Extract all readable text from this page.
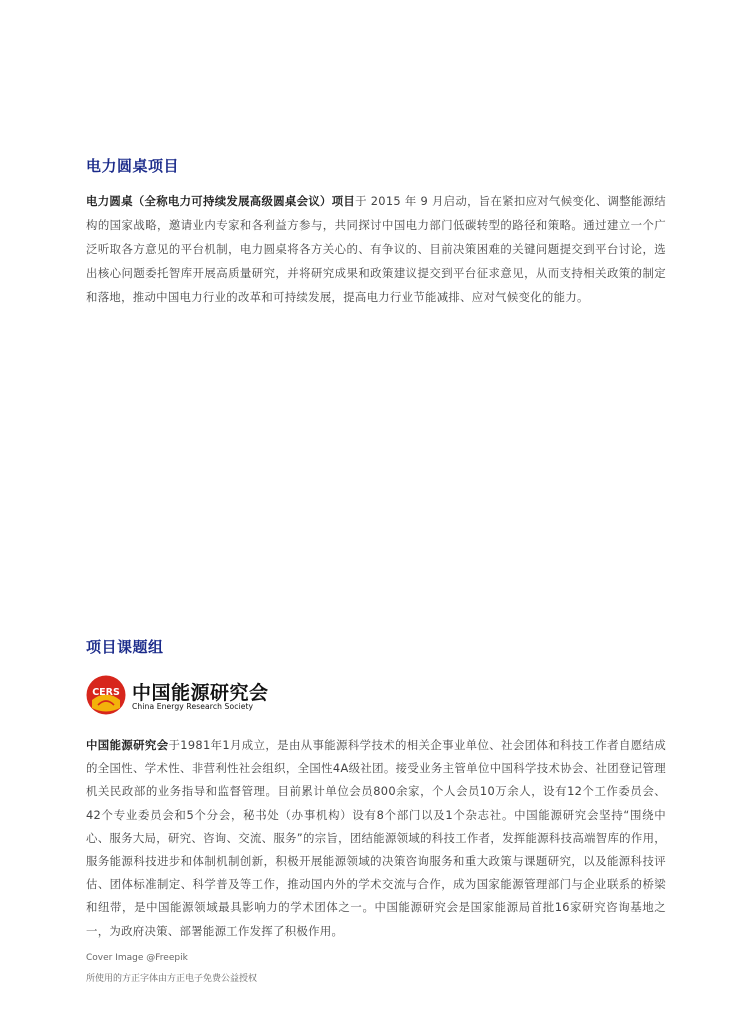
电力圆桌项目

电力圆桌（全称电力可持续发展高级圆桌会议）项目于 2015 年 9 月启动，旨在紧扣应对气候变化、调整能源结构的国家战略，邀请业内专家和各利益方参与，共同探讨中国电力部门低碳转型的路径和策略。通过建立一个广泛听取各方意见的平台机制，电力圆桌将各方关心的、有争议的、目前决策困难的关键问题提交到平台讨论，选出核心问题委托智库开展高质量研究，并将研究成果和政策建议提交到平台征求意见，从而支持相关政策的制定和落地，推动中国电力行业的改革和可持续发展，提高电力行业节能减排、应对气候变化的能力。

项目课题组
CERS 中国能源研究会
China Energy Research Society

中国能源研究会于1981年1月成立，是由从事能源科学技术的相关企事业单位、社会团体和科技工作者自愿结成的全国性、学术性、非营利性社会组织，全国性4A级社团。接受业务主管单位中国科学技术协会、社团登记管理机关民政部的业务指导和监督管理。目前累计单位会员800余家，个人会员10万余人，设有12个工作委员会、42个专业委员会和5个分会，秘书处（办事机构）设有8个部门以及1个杂志社。中国能源研究会坚持“围绕中心、服务大局，研究、咨询、交流、服务”的宗旨，团结能源领域的科技工作者，发挥能源科技高端智库的作用，服务能源科技进步和体制机制创新，积极开展能源领域的决策咨询服务和重大政策与课题研究，以及能源科技评估、团体标准制定、科学普及等工作，推动国内外的学术交流与合作，成为国家能源管理部门与企业联系的桥梁和纽带，是中国能源领域最具影响力的学术团体之一。中国能源研究会是国家能源局首批16家研究咨询基地之一，为政府决策、部署能源工作发挥了积极作用。

Cover Image @Freepik
所使用的方正字体由方正电子免费公益授权
